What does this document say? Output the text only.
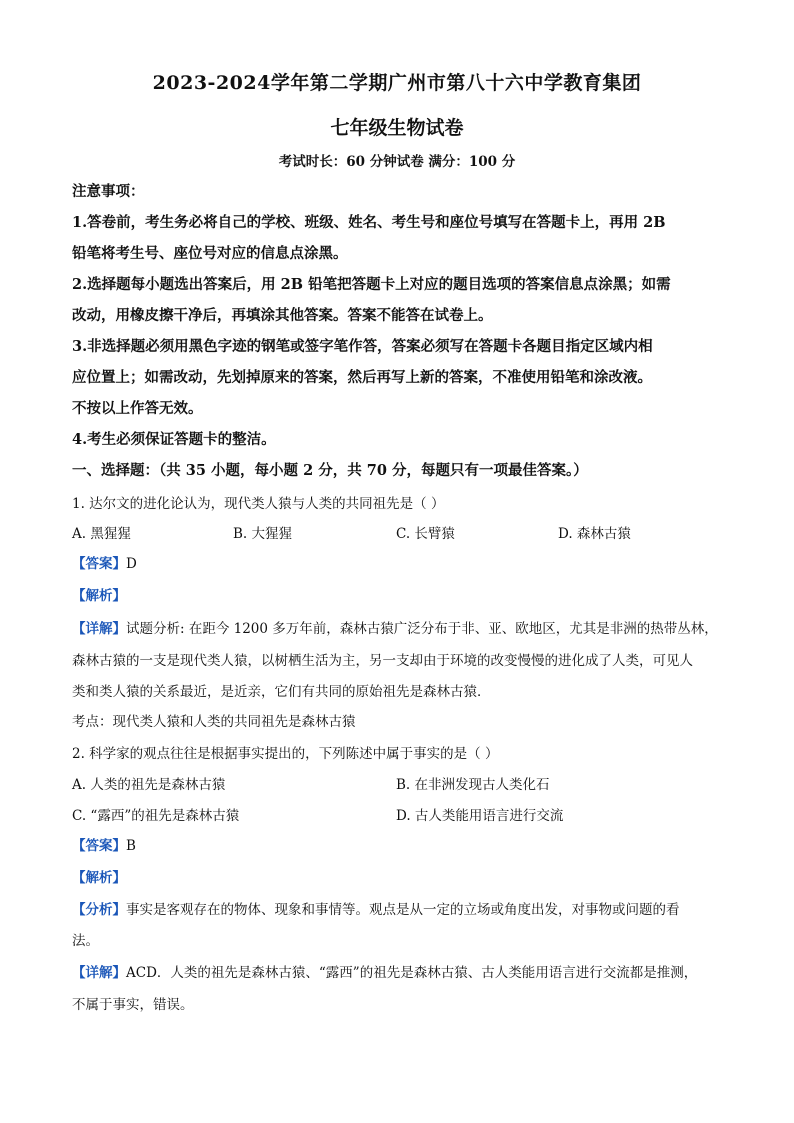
2023-2024学年第二学期广州市第八十六中学教育集团
七年级生物试卷
考试时长：60 分钟试卷 满分：100 分
注意事项：
1.答卷前，考生务必将自己的学校、班级、姓名、考生号和座位号填写在答题卡上，再用 2B
铅笔将考生号、座位号对应的信息点涂黑。
2.选择题每小题选出答案后，用 2B 铅笔把答题卡上对应的题目选项的答案信息点涂黑；如需
改动，用橡皮擦干净后，再填涂其他答案。答案不能答在试卷上。
3.非选择题必须用黑色字迹的钢笔或签字笔作答，答案必须写在答题卡各题目指定区域内相
应位置上；如需改动，先划掉原来的答案，然后再写上新的答案，不准使用铅笔和涂改液。
不按以上作答无效。
4.考生必须保证答题卡的整洁。
一、选择题：（共 35 小题，每小题 2 分，共 70 分，每题只有一项最佳答案。）
1. 达尔文的进化论认为，现代类人猿与人类的共同祖先是（ ）
A. 黑猩猩	B. 大猩猩	C. 长臂猿	D. 森林古猿
【答案】D
【解析】
【详解】试题分析: 在距今 1200 多万年前，森林古猿广泛分布于非、亚、欧地区，尤其是非洲的热带丛林，
森林古猿的一支是现代类人猿，以树栖生活为主，另一支却由于环境的改变慢慢的进化成了人类，可见人
类和类人猿的关系最近，是近亲，它们有共同的原始祖先是森林古猿．
考点：现代类人猿和人类的共同祖先是森林古猿
2. 科学家的观点往往是根据事实提出的，下列陈述中属于事实的是（ ）
A. 人类的祖先是森林古猿	B. 在非洲发现古人类化石
C. “露西”的祖先是森林古猿	D. 古人类能用语言进行交流
【答案】B
【解析】
【分析】事实是客观存在的物体、现象和事情等。观点是从一定的立场或角度出发，对事物或问题的看
法。
【详解】ACD．人类的祖先是森林古猿、“露西”的祖先是森林古猿、古人类能用语言进行交流都是推测，
不属于事实，错误。
